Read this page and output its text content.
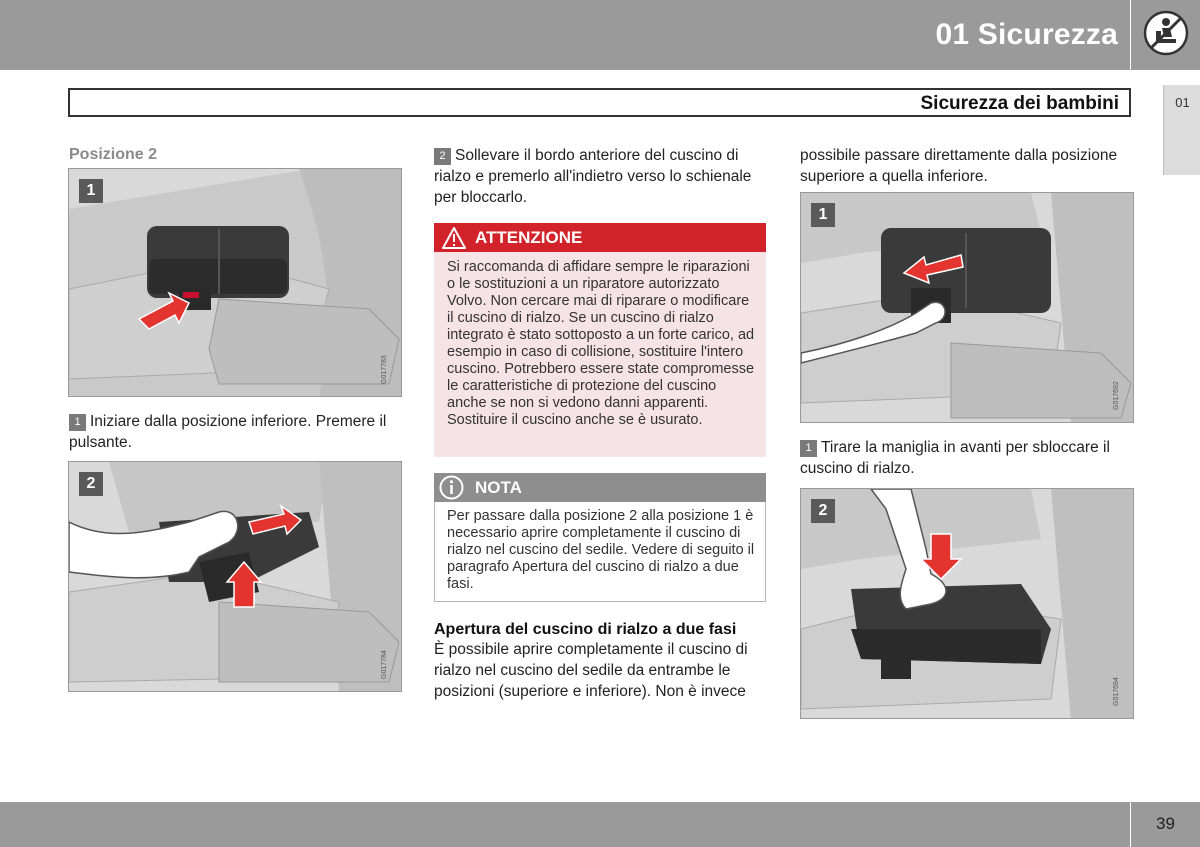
01 Sicurezza
01
Sicurezza dei bambini
Posizione 2
1
G017783
1 Iniziare dalla posizione inferiore. Premere il pulsante.
2
G017784
2 Sollevare il bordo anteriore del cuscino di rialzo e premerlo all'indietro verso lo schienale per bloccarlo.
ATTENZIONE
Si raccomanda di affidare sempre le riparazioni o le sostituzioni a un riparatore autorizzato Volvo. Non cercare mai di riparare o modificare il cuscino di rialzo. Se un cuscino di rialzo integrato è stato sottoposto a un forte carico, ad esempio in caso di collisione, sostituire l'intero cuscino. Potrebbero essere state compromesse le caratteristiche di protezione del cuscino anche se non si vedono danni apparenti. Sostituire il cuscino anche se è usurato.
NOTA
Per passare dalla posizione 2 alla posizione 1 è necessario aprire completamente il cuscino di rialzo nel cuscino del sedile. Vedere di seguito il paragrafo Apertura del cuscino di rialzo a due fasi.
Apertura del cuscino di rialzo a due fasi
È possibile aprire completamente il cuscino di rialzo nel cuscino del sedile da entrambe le posizioni (superiore e inferiore). Non è invece
possibile passare direttamente dalla posizione superiore a quella inferiore.
1
G017692
1 Tirare la maniglia in avanti per sbloccare il cuscino di rialzo.
2
G017694
39
